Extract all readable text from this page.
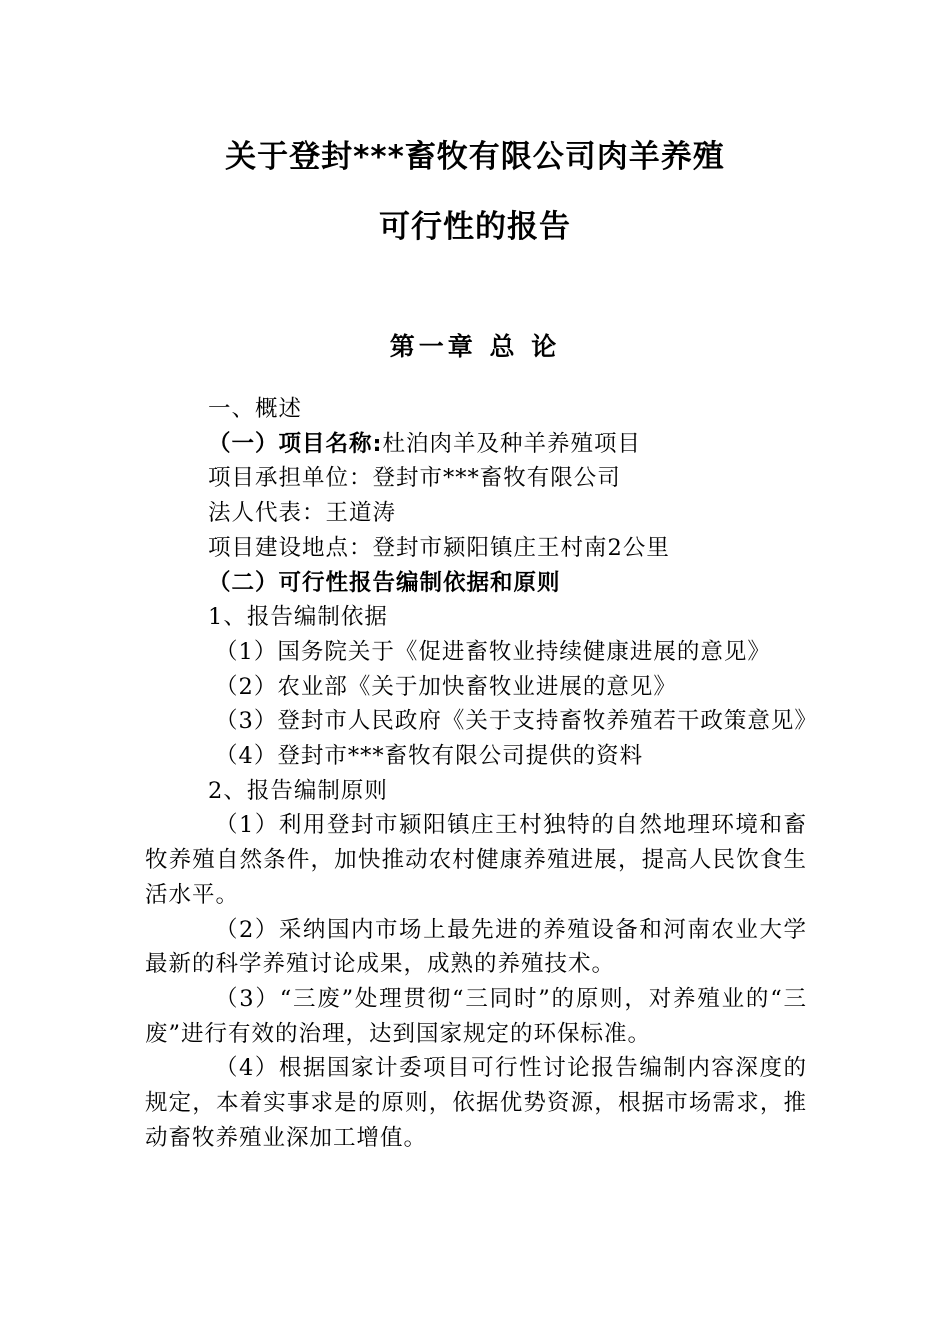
关于登封***畜牧有限公司肉羊养殖
可行性的报告
第一章 总 论

一、概述

（一）项目名称:杜泊肉羊及种羊养殖项目

项目承担单位：登封市***畜牧有限公司

法人代表：王道涛

项目建设地点：登封市颍阳镇庄王村南2公里

（二）可行性报告编制依据和原则

1、报告编制依据

（1）国务院关于《促进畜牧业持续健康进展的意见》

（2）农业部《关于加快畜牧业进展的意见》

（3）登封市人民政府《关于支持畜牧养殖若干政策意见》

（4）登封市***畜牧有限公司提供的资料

2、报告编制原则

（1）利用登封市颍阳镇庄王村独特的自然地理环境和畜牧养殖自然条件，加快推动农村健康养殖进展，提高人民饮食生活水平。

（2）采纳国内市场上最先进的养殖设备和河南农业大学最新的科学养殖讨论成果，成熟的养殖技术。

（3）“三废”处理贯彻“三同时”的原则，对养殖业的“三废”进行有效的治理，达到国家规定的环保标准。

（4）根据国家计委项目可行性讨论报告编制内容深度的规定，本着实事求是的原则，依据优势资源，根据市场需求，推动畜牧养殖业深加工增值。
